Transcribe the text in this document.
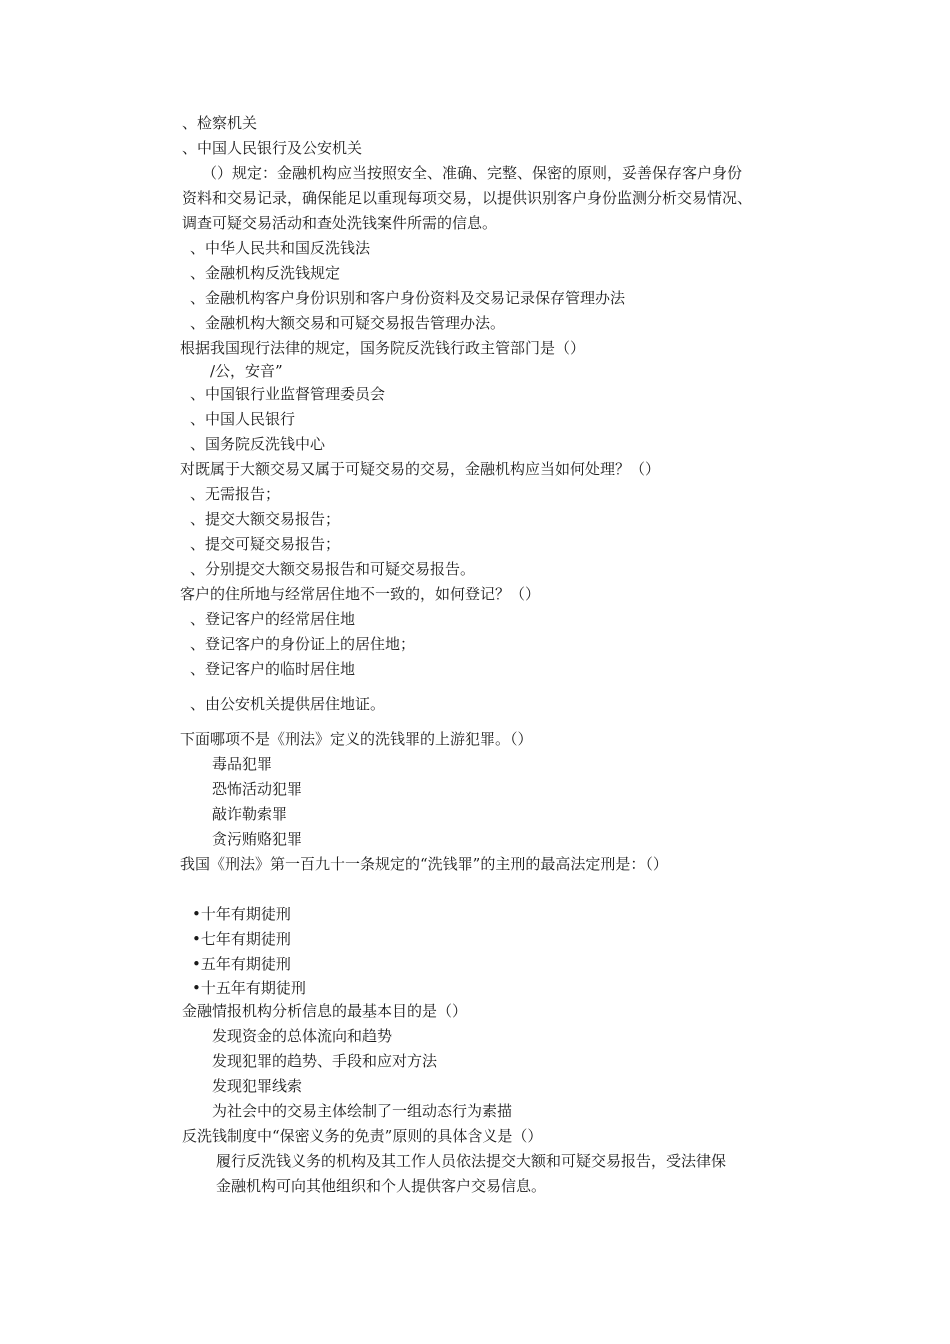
、检察机关
、中国人民银行及公安机关
（）规定：金融机构应当按照安全、准确、完整、保密的原则，妥善保存客户身份
资料和交易记录，确保能足以重现每项交易，以提供识别客户身份监测分析交易情况、
调查可疑交易活动和查处洗钱案件所需的信息。
、中华人民共和国反洗钱法
、金融机构反洗钱规定
、金融机构客户身份识别和客户身份资料及交易记录保存管理办法
、金融机构大额交易和可疑交易报告管理办法。
根据我国现行法律的规定，国务院反洗钱行政主管部门是（）
∕公，安音”
、中国银行业监督管理委员会
、中国人民银行
、国务院反洗钱中心
对既属于大额交易又属于可疑交易的交易，金融机构应当如何处理？（）
、无需报告；
、提交大额交易报告；
、提交可疑交易报告；
、分别提交大额交易报告和可疑交易报告。
客户的住所地与经常居住地不一致的，如何登记？（）
、登记客户的经常居住地
、登记客户的身份证上的居住地；
、登记客户的临时居住地
、由公安机关提供居住地证。
下面哪项不是《刑法》定义的洗钱罪的上游犯罪。（）
毒品犯罪
恐怖活动犯罪
敲诈勒索罪
贪污贿赂犯罪
我国《刑法》第一百九十一条规定的“洗钱罪”的主刑的最高法定刑是：（）
•十年有期徒刑
•七年有期徒刑
•五年有期徒刑
•十五年有期徒刑
金融情报机构分析信息的最基本目的是（）
发现资金的总体流向和趋势
发现犯罪的趋势、手段和应对方法
发现犯罪线索
为社会中的交易主体绘制了一组动态行为素描
反洗钱制度中“保密义务的免责”原则的具体含义是（）
履行反洗钱义务的机构及其工作人员依法提交大额和可疑交易报告，受法律保
金融机构可向其他组织和个人提供客户交易信息。
